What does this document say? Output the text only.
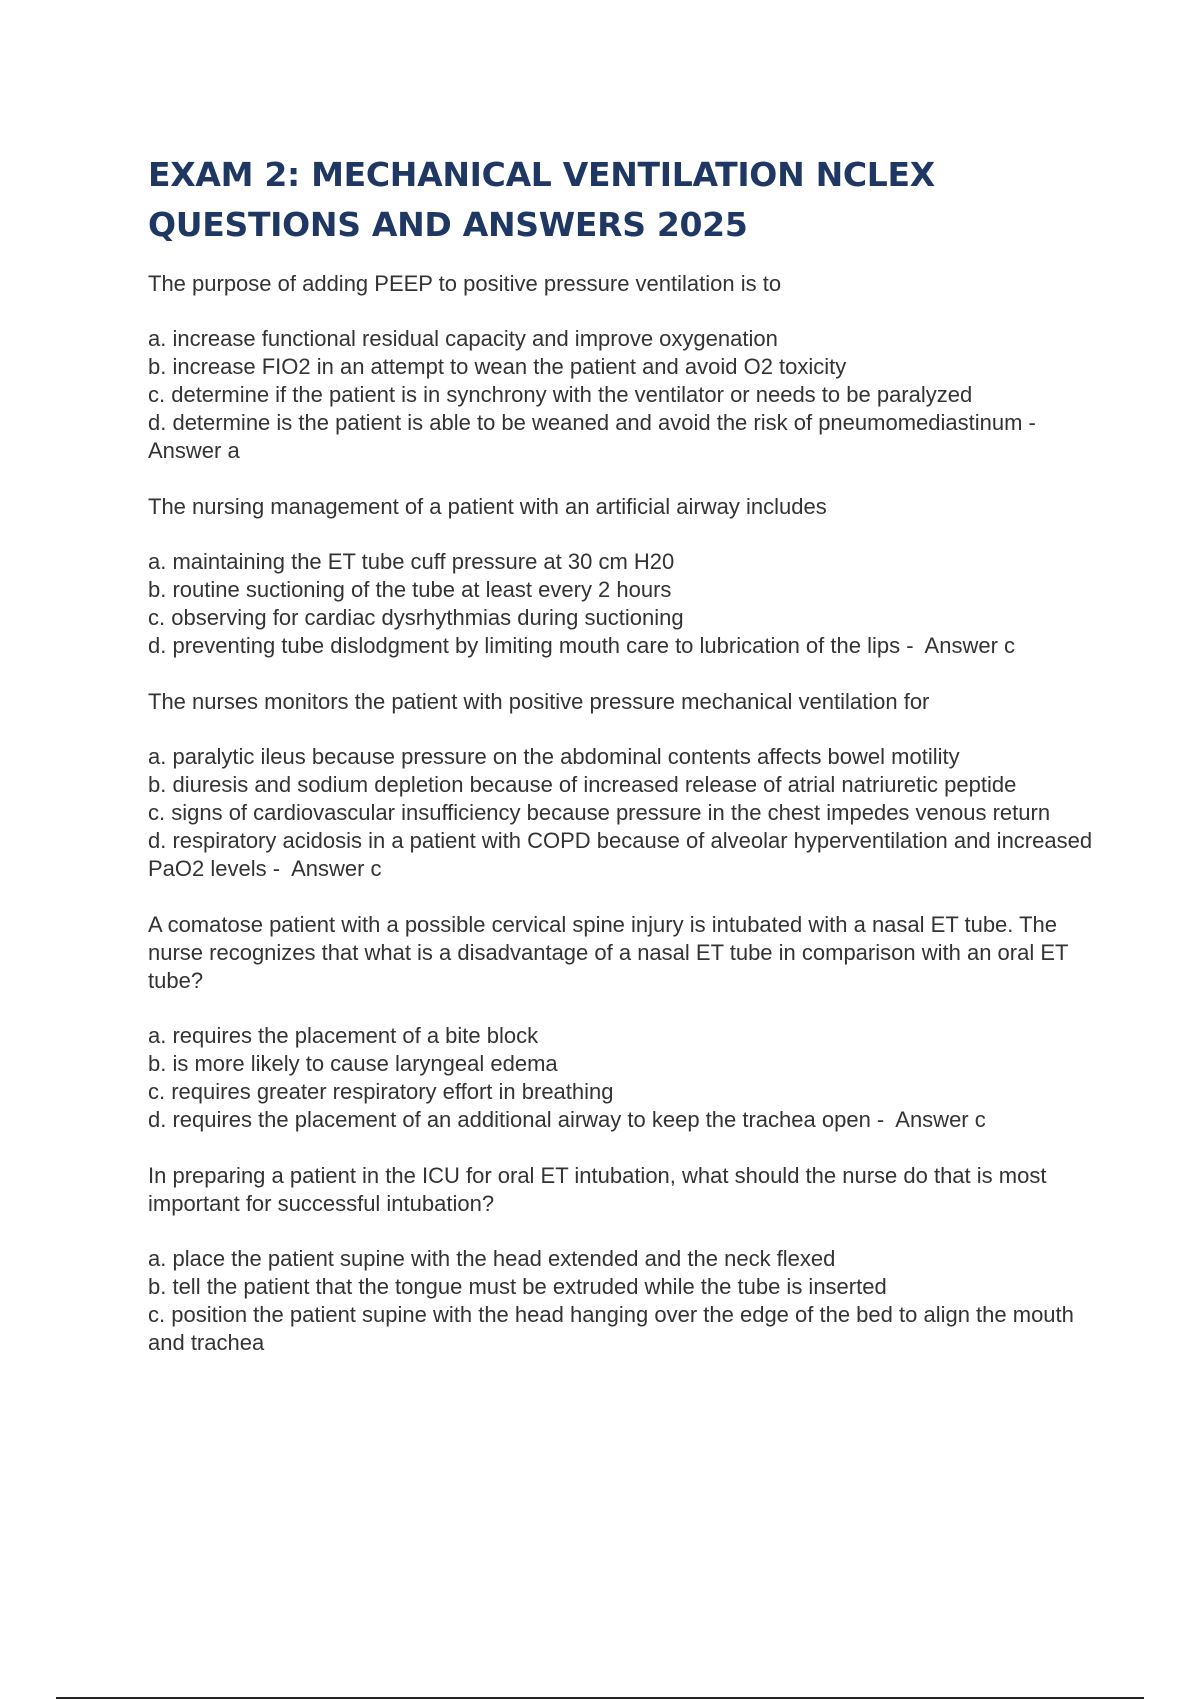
EXAM 2: MECHANICAL VENTILATION NCLEX
QUESTIONS AND ANSWERS 2025

The purpose of adding PEEP to positive pressure ventilation is to

a. increase functional residual capacity and improve oxygenation

b. increase FIO2 in an attempt to wean the patient and avoid O2 toxicity

c. determine if the patient is in synchrony with the ventilator or needs to be paralyzed

d. determine is the patient is able to be weaned and avoid the risk of pneumomediastinum -  Answer a

The nursing management of a patient with an artificial airway includes

a. maintaining the ET tube cuff pressure at 30 cm H20

b. routine suctioning of the tube at least every 2 hours

c. observing for cardiac dysrhythmias during suctioning

d. preventing tube dislodgment by limiting mouth care to lubrication of the lips - Answer c

The nurses monitors the patient with positive pressure mechanical ventilation for

a. paralytic ileus because pressure on the abdominal contents affects bowel motility

b. diuresis and sodium depletion because of increased release of atrial natriuretic peptide

c. signs of cardiovascular insufficiency because pressure in the chest impedes venous return

d. respiratory acidosis in a patient with COPD because of alveolar hyperventilation and increased PaO2 levels - Answer c

A comatose patient with a possible cervical spine injury is intubated with a nasal ET tube. The nurse recognizes that what is a disadvantage of a nasal ET tube in comparison with an oral ET tube?

a. requires the placement of a bite block

b. is more likely to cause laryngeal edema

c. requires greater respiratory effort in breathing

d. requires the placement of an additional airway to keep the trachea open - Answer c

In preparing a patient in the ICU for oral ET intubation, what should the nurse do that is most important for successful intubation?

a. place the patient supine with the head extended and the neck flexed

b. tell the patient that the tongue must be extruded while the tube is inserted

c. position the patient supine with the head hanging over the edge of the bed to align the mouth and trachea
